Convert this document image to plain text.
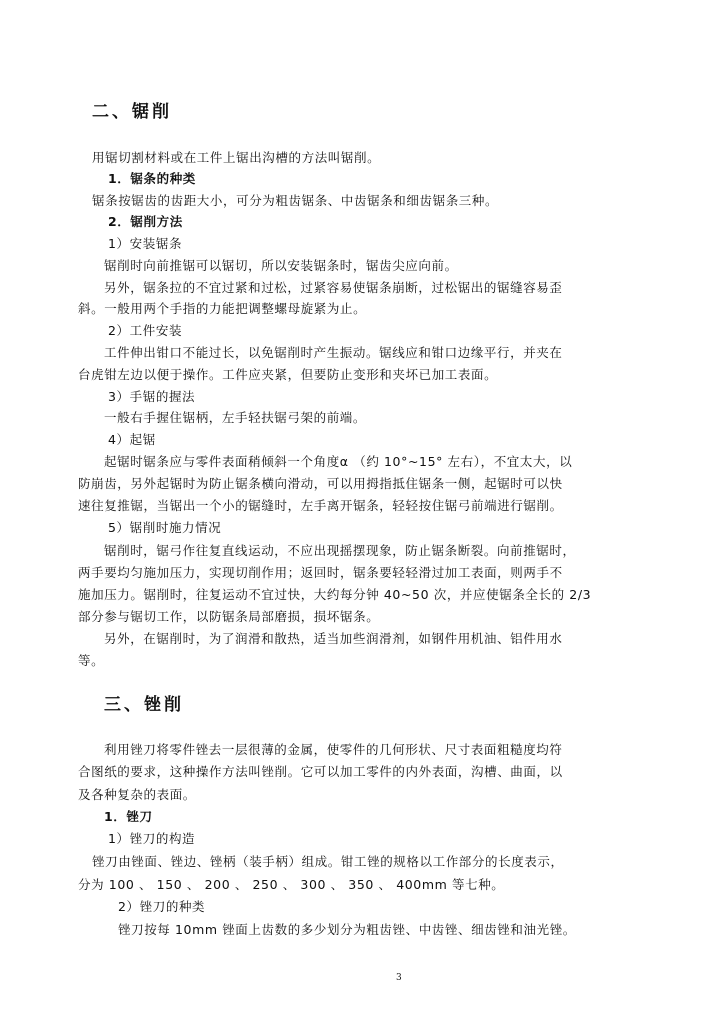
二、锯削
用锯切割材料或在工件上锯出沟槽的方法叫锯削。
1．锯条的种类
锯条按锯齿的齿距大小，可分为粗齿锯条、中齿锯条和细齿锯条三种。
2．锯削方法
1）安装锯条
锯削时向前推锯可以锯切，所以安装锯条时，锯齿尖应向前。
另外，锯条拉的不宜过紧和过松，过紧容易使锯条崩断，过松锯出的锯缝容易歪
斜。一般用两个手指的力能把调整螺母旋紧为止。
2）工件安装
工件伸出钳口不能过长，以免锯削时产生振动。锯线应和钳口边缘平行，并夹在
台虎钳左边以便于操作。工件应夹紧，但要防止变形和夹坏已加工表面。
3）手锯的握法
一般右手握住锯柄，左手轻扶锯弓架的前端。
4）起锯
起锯时锯条应与零件表面稍倾斜一个角度α （约 10°~15° 左右），不宜太大，以
防崩齿，另外起锯时为防止锯条横向滑动，可以用拇指抵住锯条一侧，起锯时可以快
速往复推锯，当锯出一个小的锯缝时，左手离开锯条，轻轻按住锯弓前端进行锯削。
5）锯削时施力情况
锯削时，锯弓作往复直线运动，不应出现摇摆现象，防止锯条断裂。向前推锯时，
两手要均匀施加压力，实现切削作用；返回时，锯条要轻轻滑过加工表面，则两手不
施加压力。锯削时，往复运动不宜过快，大约每分钟 40~50 次，并应使锯条全长的 2/3
部分参与锯切工作，以防锯条局部磨损，损坏锯条。
另外，在锯削时，为了润滑和散热，适当加些润滑剂，如钢件用机油、铝件用水
等。
三、锉削
利用锉刀将零件锉去一层很薄的金属，使零件的几何形状、尺寸表面粗糙度均符
合图纸的要求，这种操作方法叫锉削。它可以加工零件的内外表面，沟槽、曲面，以
及各种复杂的表面。
1．锉刀
1）锉刀的构造
锉刀由锉面、锉边、锉柄（装手柄）组成。钳工锉的规格以工作部分的长度表示，
分为 100 、 150 、 200 、 250 、 300 、 350 、 400mm 等七种。
2）锉刀的种类
锉刀按每 10mm 锉面上齿数的多少划分为粗齿锉、中齿锉、细齿锉和油光锉。
3
